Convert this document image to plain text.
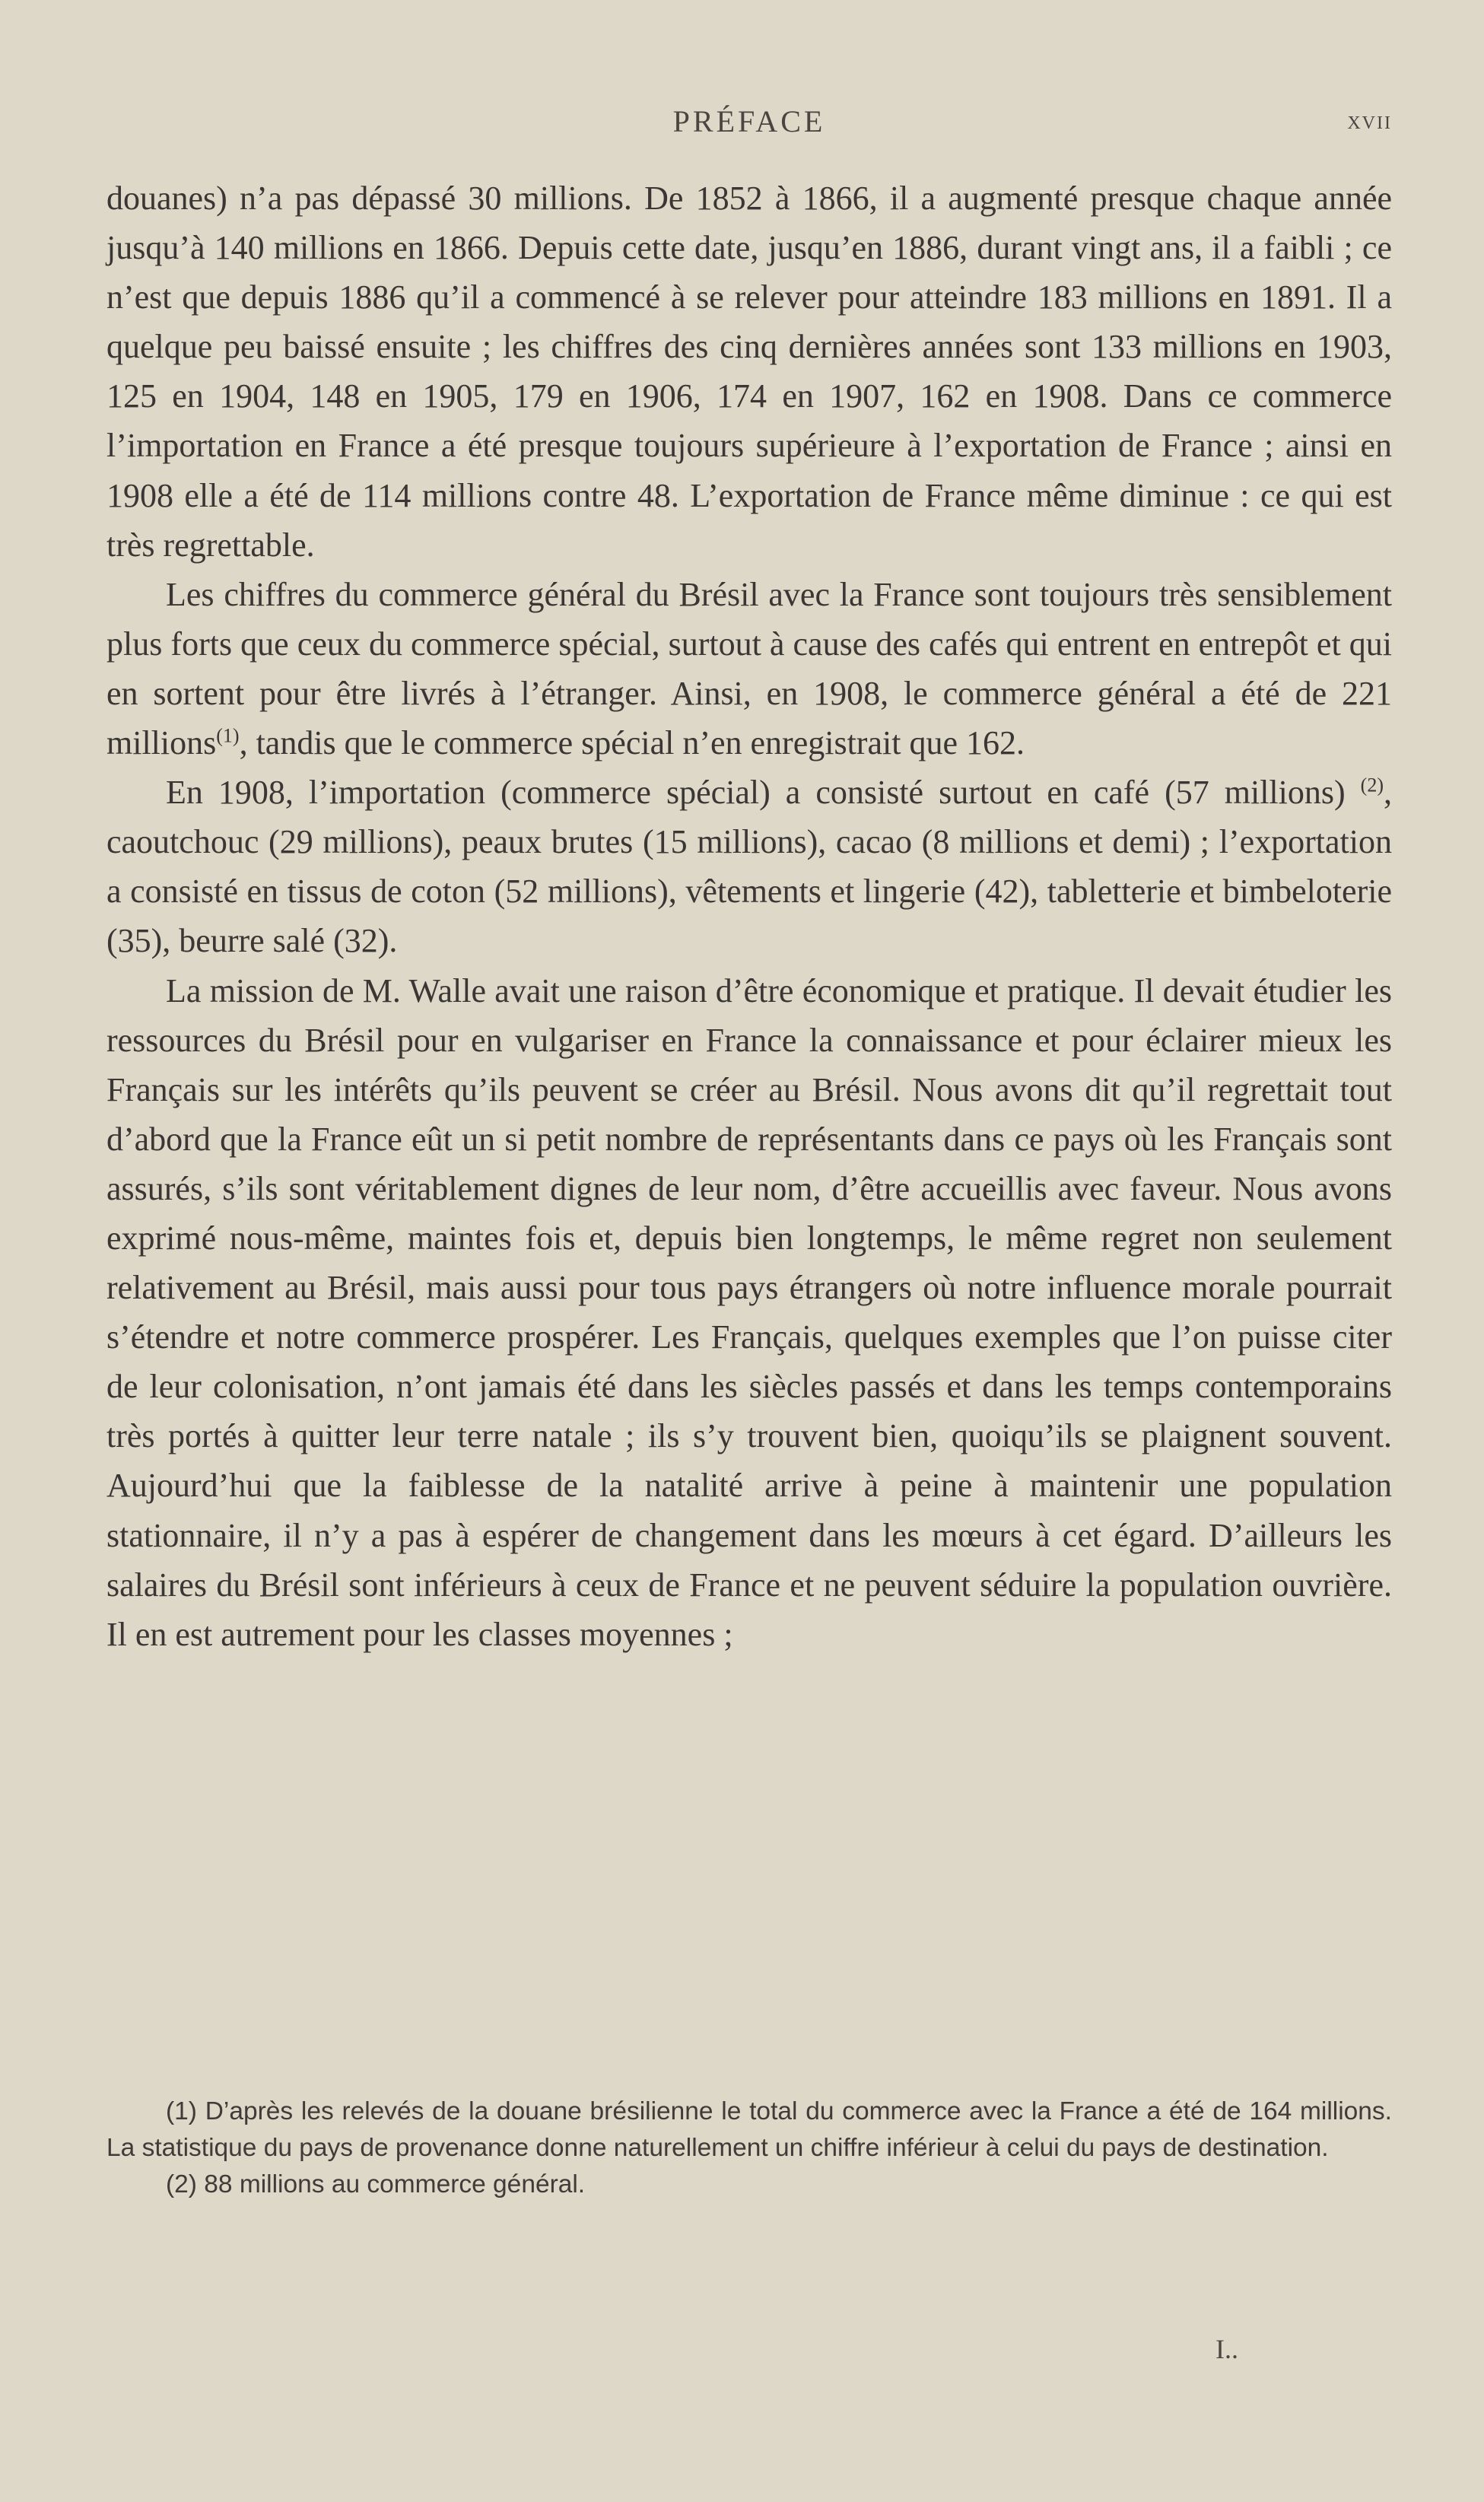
PRÉFACE	xvii

douanes) n’a pas dépassé 30 millions. De 1852 à 1866, il a augmenté presque chaque année jusqu’à 140 millions en 1866. Depuis cette date, jusqu’en 1886, durant vingt ans, il a faibli ; ce n’est que depuis 1886 qu’il a commencé à se relever pour atteindre 183 millions en 1891. Il a quelque peu baissé ensuite ; les chiffres des cinq dernières années sont 133 millions en 1903, 125 en 1904, 148 en 1905, 179 en 1906, 174 en 1907, 162 en 1908. Dans ce commerce l’importation en France a été presque toujours supérieure à l’exportation de France ; ainsi en 1908 elle a été de 114 millions contre 48. L’exportation de France même diminue : ce qui est très regrettable.

Les chiffres du commerce général du Brésil avec la France sont toujours très sensiblement plus forts que ceux du commerce spécial, surtout à cause des cafés qui entrent en entrepôt et qui en sortent pour être livrés à l’étranger. Ainsi, en 1908, le commerce général a été de 221 millions$^{(1)}$, tandis que le commerce spécial n’en enregistrait que 162.

En 1908, l’importation (commerce spécial) a consisté surtout en café (57 millions) $^{(2)}$, caoutchouc (29 millions), peaux brutes (15 millions), cacao (8 millions et demi) ; l’exportation a consisté en tissus de coton (52 millions), vêtements et lingerie (42), tabletterie et bimbeloterie (35), beurre salé (32).

La mission de M. Walle avait une raison d’être économique et pratique. Il devait étudier les ressources du Brésil pour en vulgariser en France la connaissance et pour éclairer mieux les Français sur les intérêts qu’ils peuvent se créer au Brésil. Nous avons dit qu’il regrettait tout d’abord que la France eût un si petit nombre de représentants dans ce pays où les Français sont assurés, s’ils sont véritablement dignes de leur nom, d’être accueillis avec faveur. Nous avons exprimé nous-même, maintes fois et, depuis bien longtemps, le même regret non seulement relativement au Brésil, mais aussi pour tous pays étrangers où notre influence morale pourrait s’étendre et notre commerce prospérer. Les Français, quelques exemples que l’on puisse citer de leur colonisation, n’ont jamais été dans les siècles passés et dans les temps contemporains très portés à quitter leur terre natale ; ils s’y trouvent bien, quoiqu’ils se plaignent souvent. Aujourd’hui que la faiblesse de la natalité arrive à peine à maintenir une population stationnaire, il n’y a pas à espérer de changement dans les mœurs à cet égard. D’ailleurs les salaires du Brésil sont inférieurs à ceux de France et ne peuvent séduire la population ouvrière. Il en est autrement pour les classes moyennes ;

(1) D’après les relevés de la douane brésilienne le total du commerce avec la France a été de 164 millions. La statistique du pays de provenance donne naturellement un chiffre inférieur à celui du pays de destination.

(2) 88 millions au commerce général.

I..
